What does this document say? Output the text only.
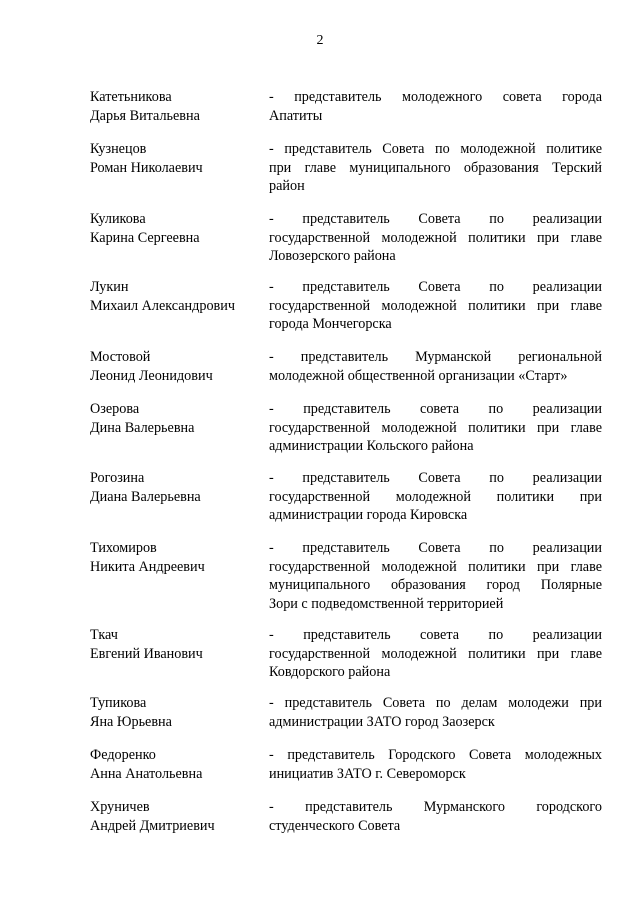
2
Катетьникова
Дарья Витальевна
- представитель молодежного совета города
Апатиты
Кузнецов
Роман Николаевич
- представитель Совета по молодежной политике
при главе муниципального образования Терский
район
Куликова
Карина Сергеевна
- представитель Совета по реализации
государственной молодежной политики при главе
Ловозерского района
Лукин
Михаил Александрович
- представитель Совета по реализации
государственной молодежной политики при главе
города Мончегорска
Мостовой
Леонид Леонидович
- представитель Мурманской региональной
молодежной общественной организации «Старт»
Озерова
Дина Валерьевна
- представитель совета по реализации
государственной молодежной политики при главе
администрации Кольского района
Рогозина
Диана Валерьевна
- представитель Совета по реализации
государственной молодежной политики при
администрации города Кировска
Тихомиров
Никита Андреевич
- представитель Совета по реализации
государственной молодежной политики при главе
муниципального образования город Полярные
Зори с подведомственной территорией
Ткач
Евгений Иванович
- представитель совета по реализации
государственной молодежной политики при главе
Ковдорского района
Тупикова
Яна Юрьевна
- представитель Совета по делам молодежи при
администрации ЗАТО город Заозерск
Федоренко
Анна Анатольевна
- представитель Городского Совета молодежных
инициатив ЗАТО г. Североморск
Хруничев
Андрей Дмитриевич
- представитель Мурманского городского
студенческого Совета
